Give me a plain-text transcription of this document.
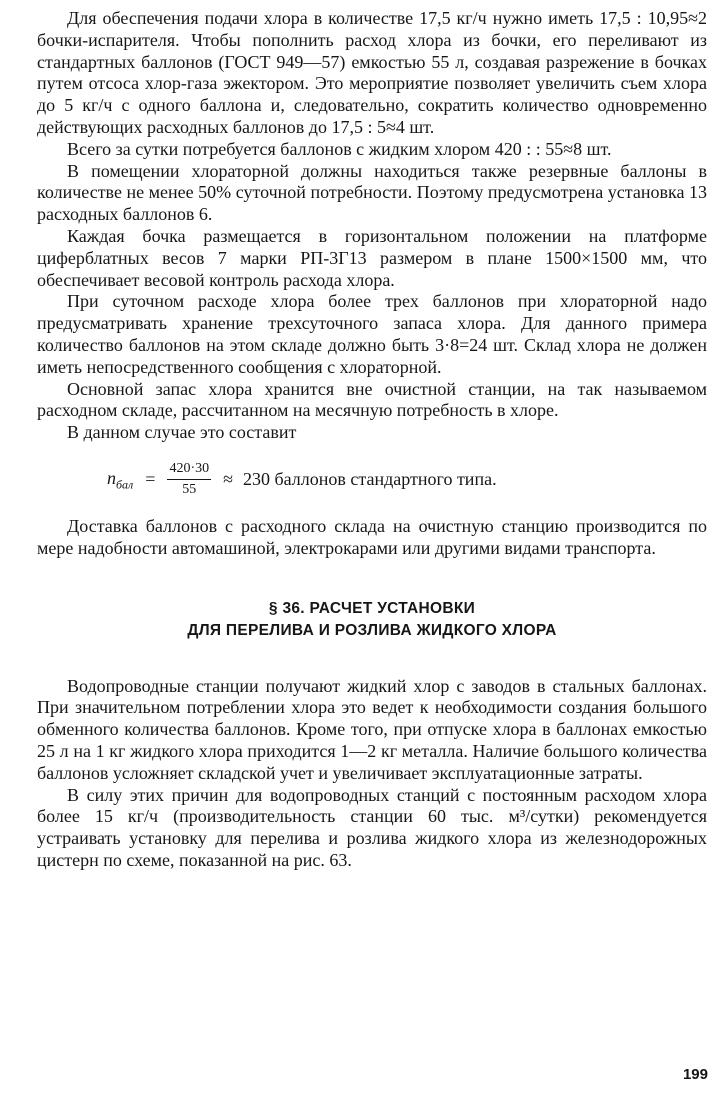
Для обеспечения подачи хлора в количестве 17,5 кг/ч нужно иметь 17,5 : 10,95≈2 бочки-испарителя. Чтобы пополнить расход хлора из бочки, его переливают из стандартных баллонов (ГОСТ 949—57) емкостью 55 л, создавая разрежение в бочках путем отсоса хлор-газа эжектором. Это мероприятие позволяет увеличить съем хлора до 5 кг/ч с одного баллона и, следовательно, сократить количество одновременно действующих расходных баллонов до 17,5 : 5≈4 шт.

Всего за сутки потребуется баллонов с жидким хлором 420 : : 55≈8 шт.

В помещении хлораторной должны находиться также резервные баллоны в количестве не менее 50% суточной потребности. Поэтому предусмотрена установка 13 расходных баллонов 6.

Каждая бочка размещается в горизонтальном положении на платформе циферблатных весов 7 марки РП-3Г13 размером в плане 1500×1500 мм, что обеспечивает весовой контроль расхода хлора.

При суточном расходе хлора более трех баллонов при хлораторной надо предусматривать хранение трехсуточного запаса хлора. Для данного примера количество баллонов на этом складе должно быть 3·8=24 шт. Склад хлора не должен иметь непосредственного сообщения с хлораторной.

Основной запас хлора хранится вне очистной станции, на так называемом расходном складе, рассчитанном на месячную потребность в хлоре.

В данном случае это составит

$n_{бал} = \frac{420\cdot 30}{55} \approx 230$ баллонов стандартного типа.

Доставка баллонов с расходного склада на очистную станцию производится по мере надобности автомашиной, электрокарами или другими видами транспорта.

§ 36. РАСЧЕТ УСТАНОВКИ

ДЛЯ ПЕРЕЛИВА И РОЗЛИВА ЖИДКОГО ХЛОРА

Водопроводные станции получают жидкий хлор с заводов в стальных баллонах. При значительном потреблении хлора это ведет к необходимости создания большого обменного количества баллонов. Кроме того, при отпуске хлора в баллонах емкостью 25 л на 1 кг жидкого хлора приходится 1—2 кг металла. Наличие большого количества баллонов усложняет складской учет и увеличивает эксплуатационные затраты.

В силу этих причин для водопроводных станций с постоянным расходом хлора более 15 кг/ч (производительность станции 60 тыс. м³/сутки) рекомендуется устраивать установку для перелива и розлива жидкого хлора из железнодорожных цистерн по схеме, показанной на рис. 63.

199
